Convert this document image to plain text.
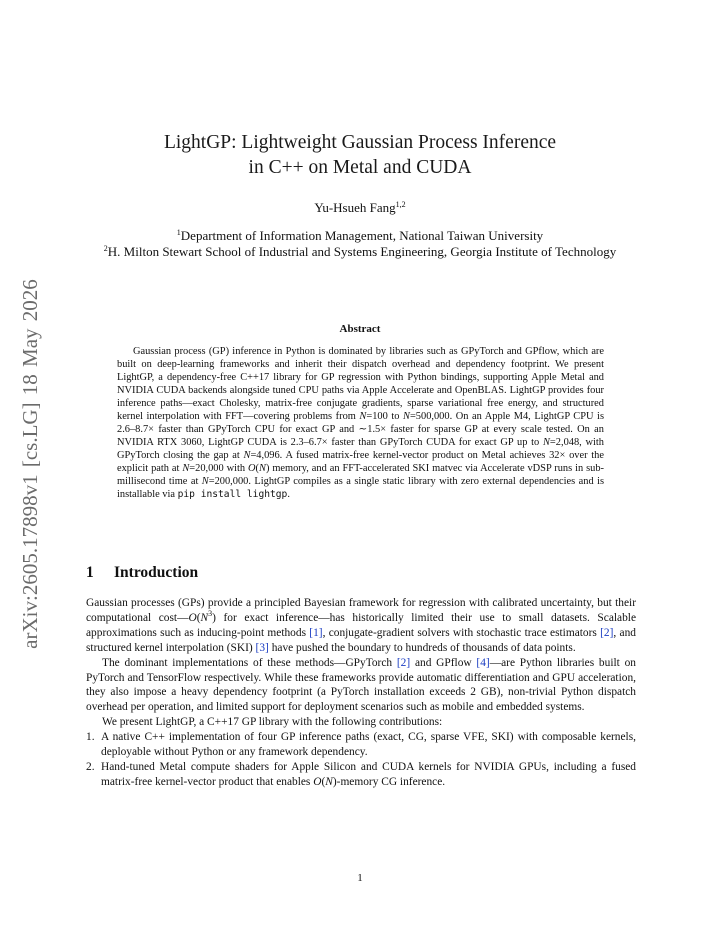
arXiv:2605.17898v1 [cs.LG] 18 May 2026
LightGP: Lightweight Gaussian Process Inference
in C++ on Metal and CUDA
Yu-Hsueh Fang$^{1,2}$
$^1$Department of Information Management, National Taiwan University
$^2$H. Milton Stewart School of Industrial and Systems Engineering, Georgia Institute of Technology
Abstract
Gaussian process (GP) inference in Python is dominated by libraries such as GPyTorch and GPflow, which are built on deep-learning frameworks and inherit their dispatch overhead and dependency footprint. We present LightGP, a dependency-free C++17 library for GP regression with Python bindings, supporting Apple Metal and NVIDIA CUDA backends alongside tuned CPU paths via Apple Accelerate and OpenBLAS. LightGP provides four inference paths—exact Cholesky, matrix-free conjugate gradients, sparse variational free energy, and structured kernel interpolation with FFT—covering problems from N=100 to N=500,000. On an Apple M4, LightGP CPU is 2.6–8.7× faster than GPyTorch CPU for exact GP and ∼1.5× faster for sparse GP at every scale tested. On an NVIDIA RTX 3060, LightGP CUDA is 2.3–6.7× faster than GPyTorch CUDA for exact GP up to N=2,048, with GPyTorch closing the gap at N=4,096. A fused matrix-free kernel-vector product on Metal achieves 32× over the explicit path at N=20,000 with O(N) memory, and an FFT-accelerated SKI matvec via Accelerate vDSP runs in sub-millisecond time at N=200,000. LightGP compiles as a single static library with zero external dependencies and is installable via pip install lightgp.
1 Introduction

Gaussian processes (GPs) provide a principled Bayesian framework for regression with calibrated uncertainty, but their computational $\cos t—O(N^3)$ for exact inference—has historically limited their use to small datasets. Scalable approximations such as inducing-point methods [1], conjugate-gradient solvers with stochastic trace estimators [2], and structured kernel interpolation (SKI) [3] have pushed the boundary to hundreds of thousands of data points.

The dominant implementations of these methods—GPyTorch [2] and GPflow [4]—are Python libraries built on PyTorch and TensorFlow respectively. While these frameworks provide automatic differentiation and GPU acceleration, they also impose a heavy dependency footprint (a PyTorch installation exceeds 2 GB), non-trivial Python dispatch overhead per operation, and limited support for deployment scenarios such as mobile and embedded systems.

We present LightGP, a C++17 GP library with the following contributions:

1. A native C++ implementation of four GP inference paths (exact, CG, sparse VFE, SKI) with composable kernels, deployable without Python or any framework dependency.
2. Hand-tuned Metal compute shaders for Apple Silicon and CUDA kernels for NVIDIA GPUs, including a fused matrix-free kernel-vector product that enables O(N)-memory CG inference.
1
